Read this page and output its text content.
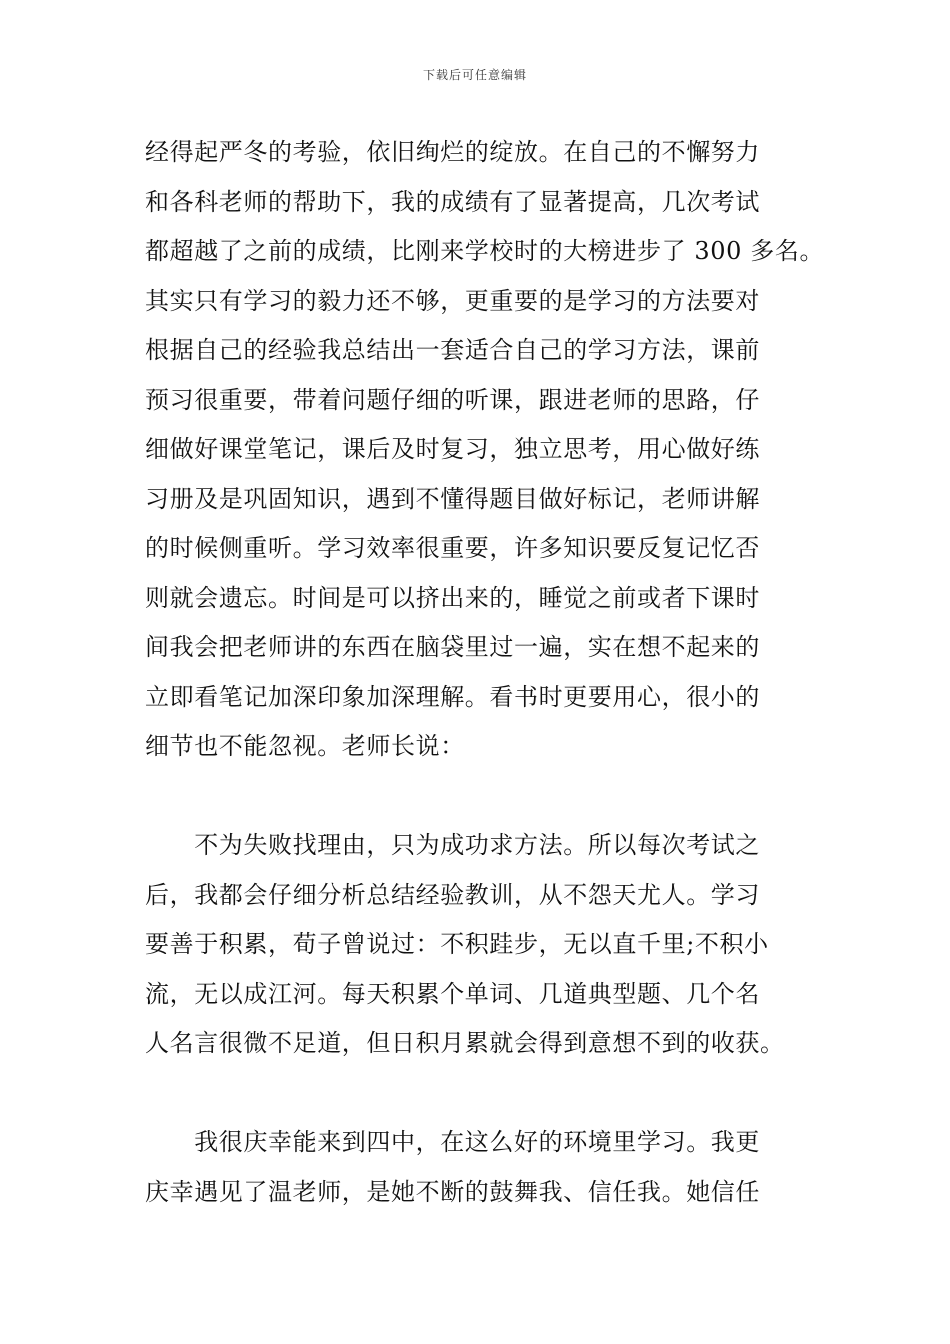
下载后可任意编辑
经得起严冬的考验，依旧绚烂的绽放。在自己的不懈努力
和各科老师的帮助下，我的成绩有了显著提高，几次考试
都超越了之前的成绩，比刚来学校时的大榜进步了 300 多名。
其实只有学习的毅力还不够，更重要的是学习的方法要对
根据自己的经验我总结出一套适合自己的学习方法，课前
预习很重要，带着问题仔细的听课，跟进老师的思路，仔
细做好课堂笔记，课后及时复习，独立思考，用心做好练
习册及是巩固知识，遇到不懂得题目做好标记，老师讲解
的时候侧重听。学习效率很重要，许多知识要反复记忆否
则就会遗忘。时间是可以挤出来的，睡觉之前或者下课时
间我会把老师讲的东西在脑袋里过一遍，实在想不起来的
立即看笔记加深印象加深理解。看书时更要用心，很小的
细节也不能忽视。老师长说：
　　不为失败找理由，只为成功求方法。所以每次考试之
后，我都会仔细分析总结经验教训，从不怨天尤人。学习
要善于积累，荀子曾说过：不积跬步，无以直千里;不积小
流，无以成江河。每天积累个单词、几道典型题、几个名
人名言很微不足道，但日积月累就会得到意想不到的收获。
　　我很庆幸能来到四中，在这么好的环境里学习。我更
庆幸遇见了温老师，是她不断的鼓舞我、信任我。她信任
